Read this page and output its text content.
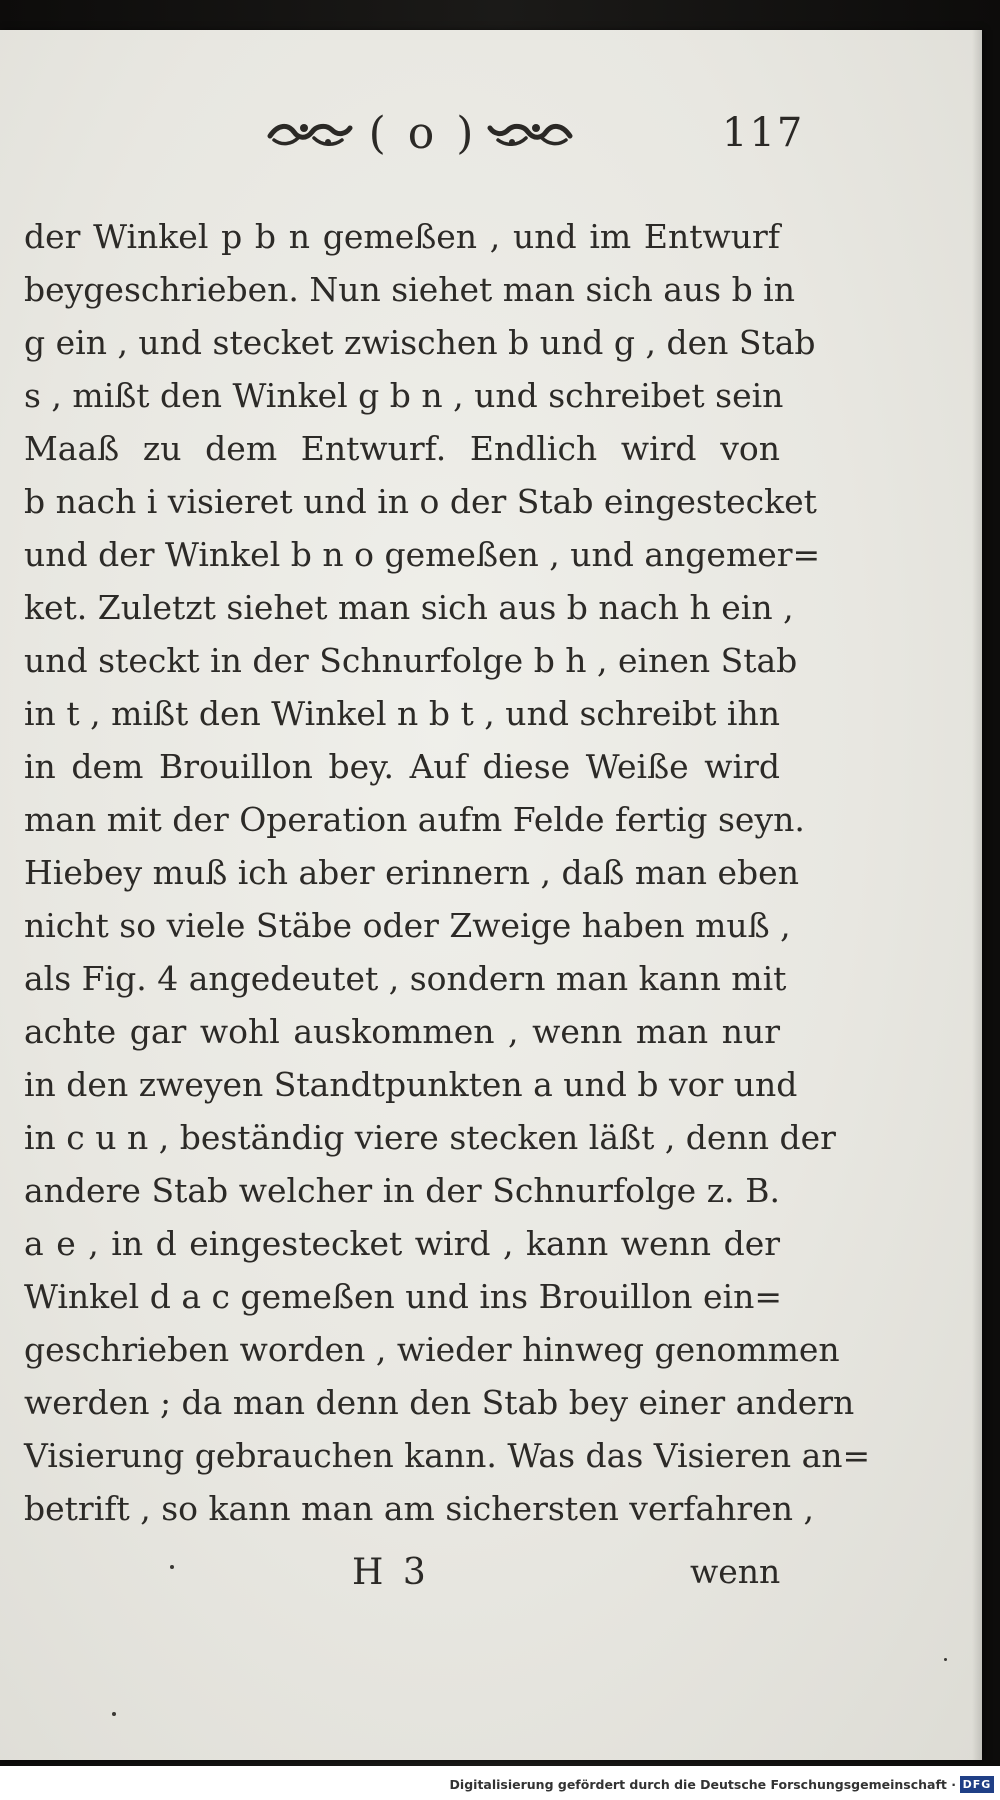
( o )	117
der Winkel p b n gemeßen , und im Entwurf
beygeschrieben. Nun siehet man sich aus b in
g ein , und stecket zwischen b und g , den Stab
s , mißt den Winkel g b n , und schreibet sein
Maaß zu dem Entwurf. Endlich wird von
b nach i visieret und in o der Stab eingestecket
und der Winkel b n o gemeßen , und angemer=
ket. Zuletzt siehet man sich aus b nach h ein ,
und steckt in der Schnurfolge b h , einen Stab
in t , mißt den Winkel n b t , und schreibt ihn
in dem Brouillon bey. Auf diese Weiße wird
man mit der Operation aufm Felde fertig seyn.
Hiebey muß ich aber erinnern , daß man eben
nicht so viele Stäbe oder Zweige haben muß ,
als Fig. 4 angedeutet , sondern man kann mit
achte gar wohl auskommen , wenn man nur
in den zweyen Standtpunkten a und b vor und
in c u n , beständig viere stecken läßt , denn der
andere Stab welcher in der Schnurfolge z. B.
a e , in d eingestecket wird , kann wenn der
Winkel d a c gemeßen und ins Brouillon ein=
geschrieben worden , wieder hinweg genommen
werden ; da man denn den Stab bey einer andern
Visierung gebrauchen kann. Was das Visieren an=
betrift , so kann man am sichersten verfahren ,
H 3	wenn
Digitalisierung gefördert durch die Deutsche Forschungsgemeinschaft · DFG
